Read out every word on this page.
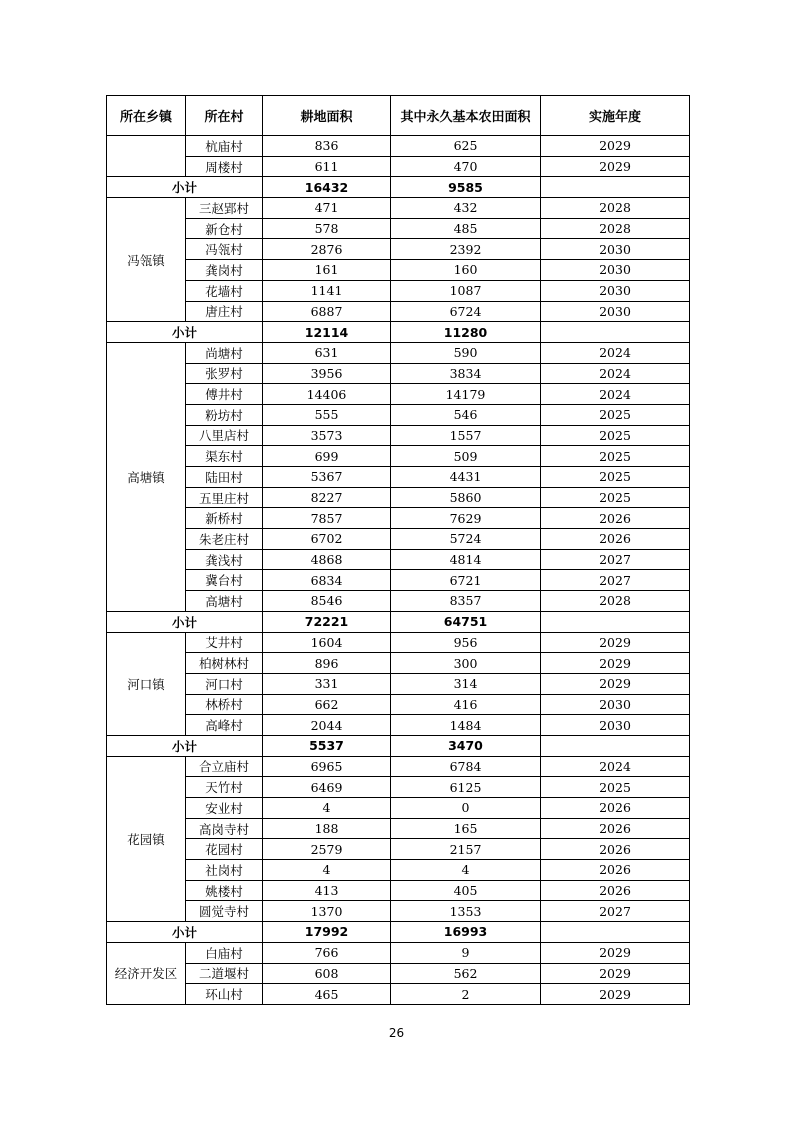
所在乡镇	所在村	耕地面积	其中永久基本农田面积	实施年度
	杭庙村	836	625	2029
	周楼村	611	470	2029
小计		16432	9585	
冯瓴镇	三赵郢村	471	432	2028
	新仓村	578	485	2028
	冯瓴村	2876	2392	2030
	龚岗村	161	160	2030
	花墙村	1141	1087	2030
	唐庄村	6887	6724	2030
小计		12114	11280	
高塘镇	尚塘村	631	590	2024
	张罗村	3956	3834	2024
	傅井村	14406	14179	2024
	粉坊村	555	546	2025
	八里店村	3573	1557	2025
	渠东村	699	509	2025
	陆田村	5367	4431	2025
	五里庄村	8227	5860	2025
	新桥村	7857	7629	2026
	朱老庄村	6702	5724	2026
	龚浅村	4868	4814	2027
	冀台村	6834	6721	2027
	高塘村	8546	8357	2028
小计		72221	64751	
河口镇	艾井村	1604	956	2029
	柏树林村	896	300	2029
	河口村	331	314	2029
	林桥村	662	416	2030
	高峰村	2044	1484	2030
小计		5537	3470	
花园镇	合立庙村	6965	6784	2024
	天竹村	6469	6125	2025
	安业村	4	0	2026
	高岗寺村	188	165	2026
	花园村	2579	2157	2026
	社岗村	4	4	2026
	姚楼村	413	405	2026
	圆觉寺村	1370	1353	2027
小计		17992	16993	
经济开发区	白庙村	766	9	2029
	二道堰村	608	562	2029
	环山村	465	2	2029
26
